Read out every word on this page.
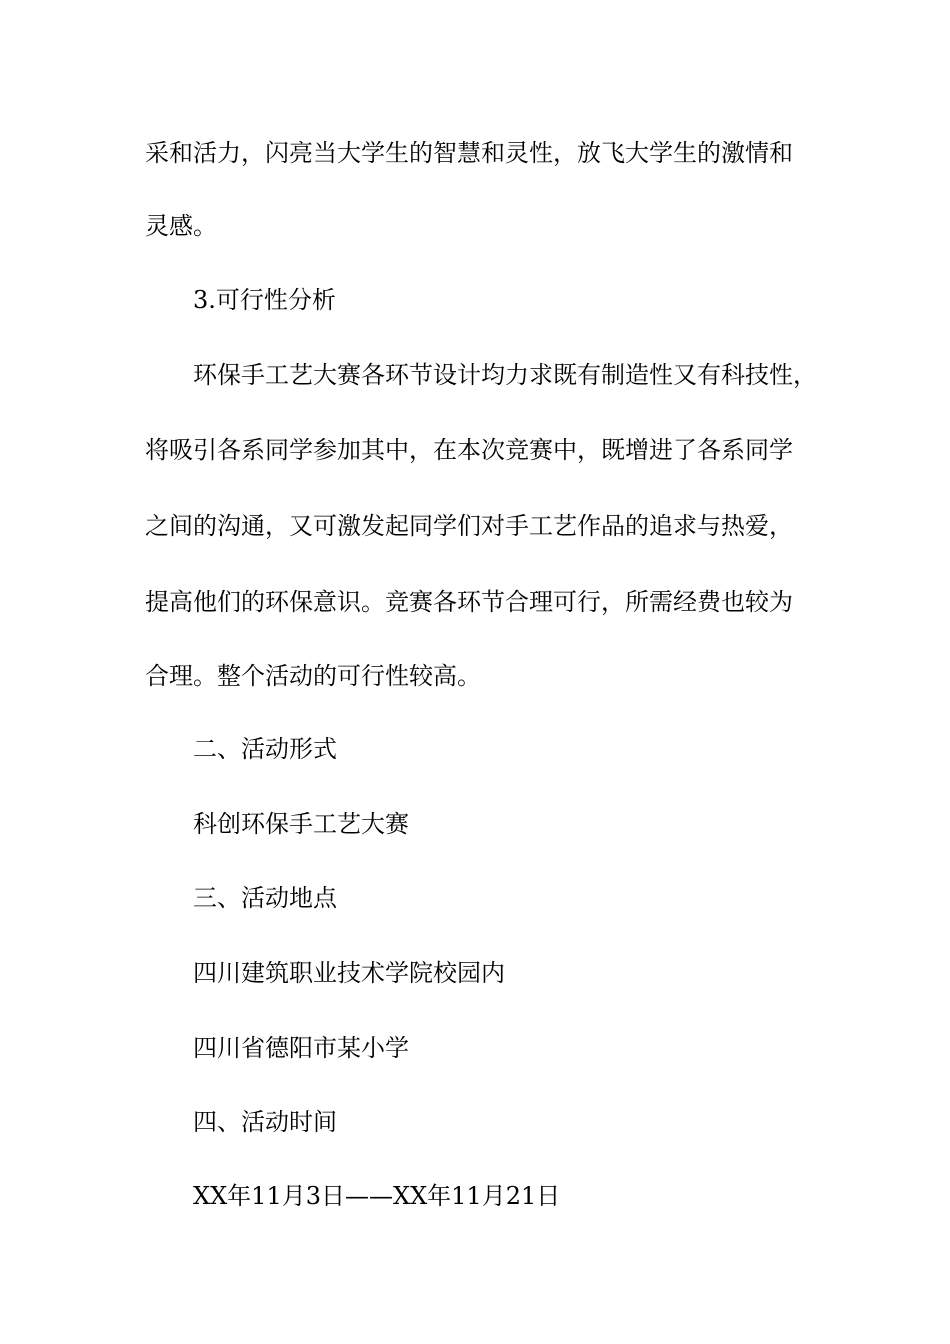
采和活力，闪亮当大学生的智慧和灵性，放飞大学生的激情和
灵感。
3.可行性分析
环保手工艺大赛各环节设计均力求既有制造性又有科技性，
将吸引各系同学参加其中，在本次竞赛中，既增进了各系同学
之间的沟通，又可激发起同学们对手工艺作品的追求与热爱，
提高他们的环保意识。竞赛各环节合理可行，所需经费也较为
合理。整个活动的可行性较高。
二、活动形式
科创环保手工艺大赛
三、活动地点
四川建筑职业技术学院校园内
四川省德阳市某小学
四、活动时间
XX年11月3日——XX年11月21日
